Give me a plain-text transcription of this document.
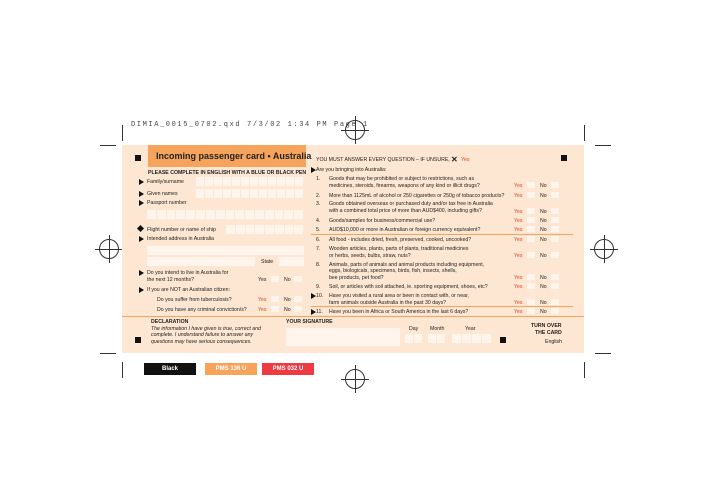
DIMIA_0015_0702.qxd 7/3/02 1:34 PM Page 1
Incoming passenger card • Australia
PLEASE COMPLETE IN ENGLISH WITH A BLUE OR BLACK PEN
Family/surname
Given names
Passport number
Flight number or name of ship
Intended address in Australia
State
Do you intend to live in Australia for
the next 12 months?	Yes	No
If you are NOT an Australian citizen:
Do you suffer from tuberculosis?	Yes	No
Do you have any criminal conviction/s? Yes	No
DECLARATION
The information I have given is true, correct and
complete. I understand failure to answer any
questions may have serious consequences.
YOUR SIGNATURE
Day Month	Year	TURN OVER
THE CARD
English
YOU MUST ANSWER EVERY QUESTION – IF UNSURE, ✕ Yes
Are you bringing into Australia:
1. Goods that may be prohibited or subject to restrictions, such as
medicines, steroids, firearms, weapons of any kind or illicit drugs?	Yes	No
2. More than 1125mL of alcohol or 250 cigarettes or 250g of tobacco products? Yes	No
3. Goods obtained overseas or purchased duty and/or tax free in Australia
with a combined total price of more than AUD$400, including gifts?	Yes	No
4. Goods/samples for business/commercial use?	Yes	No
5. AUD$10,000 or more in Australian or foreign currency equivalent?	Yes	No
6. All food - includes dried, fresh, preserved, cooked, uncooked?	Yes	No
7. Wooden articles, plants, parts of plants, traditional medicines
or herbs, seeds, bulbs, straw, nuts?	Yes	No
8. Animals, parts of animals and animal products including equipment,
eggs, biologicals, specimens, birds, fish, insects, shells,
bee products, pet food?	Yes	No
9. Soil, or articles with soil attached, ie. sporting equipment, shoes, etc?	Yes	No
10. Have you visited a rural area or been in contact with, or near,
farm animals outside Australia in the past 30 days?	Yes	No
11. Have you been in Africa or South America in the last 6 days?	Yes	No
Black	PMS 136 U	PMS 032 U
